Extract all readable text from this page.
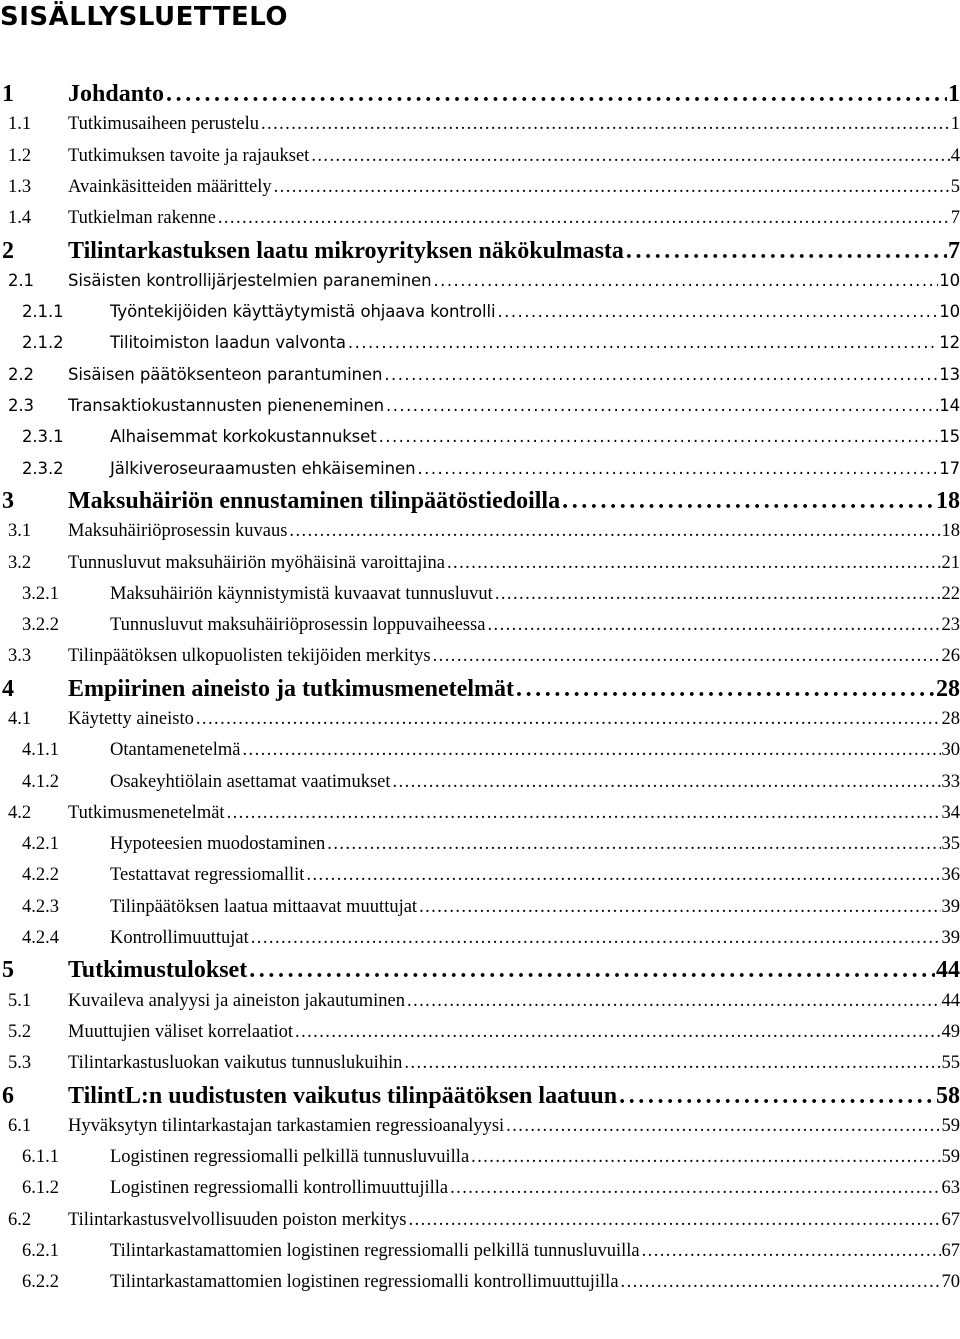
SISÄLLYSLUETTELO
1	Johdanto . . .	1
1.1	Tutkimusaiheen perustelu . . .	1
1.2	Tutkimuksen tavoite ja rajaukset . . .	4
1.3	Avainkäsitteiden määrittely . . .	5
1.4	Tutkielman rakenne . . .	7
2	Tilintarkastuksen laatu mikroyrityksen näkökulmasta . . .	7
2.1	Sisäisten kontrollijärjestelmien paraneminen . . .	10
2.1.1	Työntekijöiden käyttäytymistä ohjaava kontrolli . . .	10
2.1.2	Tilitoimiston laadun valvonta . . .	12
2.2	Sisäisen päätöksenteon parantuminen . . .	13
2.3	Transaktiokustannusten pieneneminen . . .	14
2.3.1	Alhaisemmat korkokustannukset . . .	15
2.3.2	Jälkiveroseuraamusten ehkäiseminen . . .	17
3	Maksuhäiriön ennustaminen tilinpäätöstiedoilla . . .	18
3.1	Maksuhäiriöprosessin kuvaus . . .	18
3.2	Tunnusluvut maksuhäiriön myöhäisinä varoittajina . . .	21
3.2.1	Maksuhäiriön käynnistymistä kuvaavat tunnusluvut . . .	22
3.2.2	Tunnusluvut maksuhäiriöprosessin loppuvaiheessa . . .	23
3.3	Tilinpäätöksen ulkopuolisten tekijöiden merkitys . . .	26
4	Empiirinen aineisto ja tutkimusmenetelmät . . .	28
4.1	Käytetty aineisto . . .	28
4.1.1	Otantamenetelmä . . .	30
4.1.2	Osakeyhtiölain asettamat vaatimukset . . .	33
4.2	Tutkimusmenetelmät . . .	34
4.2.1	Hypoteesien muodostaminen . . .	35
4.2.2	Testattavat regressiomallit . . .	36
4.2.3	Tilinpäätöksen laatua mittaavat muuttujat . . .	39
4.2.4	Kontrollimuuttujat . . .	39
5	Tutkimustulokset . . .	44
5.1	Kuvaileva analyysi ja aineiston jakautuminen . . .	44
5.2	Muuttujien väliset korrelaatiot . . .	49
5.3	Tilintarkastusluokan vaikutus tunnuslukuihin . . .	55
6	TilintL:n uudistusten vaikutus tilinpäätöksen laatuun . . .	58
6.1	Hyväksytyn tilintarkastajan tarkastamien regressioanalyysi . . .	59
6.1.1	Logistinen regressiomalli pelkillä tunnusluvuilla . . .	59
6.1.2	Logistinen regressiomalli kontrollimuuttujilla . . .	63
6.2	Tilintarkastusvelvollisuuden poiston merkitys . . .	67
6.2.1	Tilintarkastamattomien logistinen regressiomalli pelkillä tunnusluvuilla . . .	67
6.2.2	Tilintarkastamattomien logistinen regressiomalli kontrollimuuttujilla . . .	70
